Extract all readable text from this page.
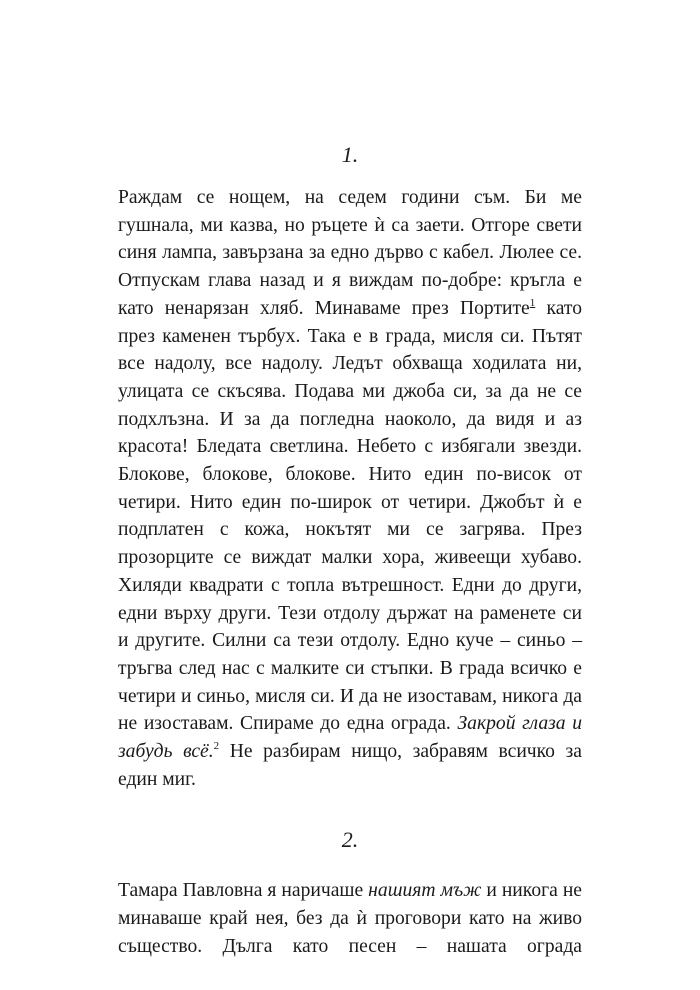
1.

Раждам се нощем, на седем години съм. Би ме гушнала, ми казва, но ръцете ѝ са заети. Отгоре свети синя лампа, завързана за едно дърво с кабел. Люлее се. Отпускам глава назад и я виждам по-добре: кръгла е като ненарязан хляб. Минаваме през Портите$^1$ като през каменен търбух. Така е в града, мисля си. Пътят все надолу, все надолу. Ледът обхваща ходилата ни, улицата се скъсява. Подава ми джоба си, за да не се подхлъзна. И за да погледна наоколо, да видя и аз красота! Бледата светлина. Небето с избягали звезди. Блокове, блокове, блокове. Нито един по-висок от четири. Нито един по-широк от четири. Джобът ѝ е подплатен с кожа, нокътят ми се загрява. През прозорците се виждат малки хора, живеещи хубаво. Хиляди квадрати с топла вътрешност. Едни до други, едни върху други. Тези отдолу държат на раменете си и другите. Силни са тези отдолу. Едно куче – синьо – тръгва след нас с малките си стъпки. В града всичко е четири и синьо, мисля си. И да не изоставам, никога да не изоставам. Спираме до една ограда. Закрой глаза и забудь всё.$^2$ Не разбирам нищо, забравям всичко за един миг.

2.

Тамара Павловна я наричаше нашият мъж и никога не минаваше край нея, без да ѝ проговори като на живо същество. Дълга като песен – нашата ограда
